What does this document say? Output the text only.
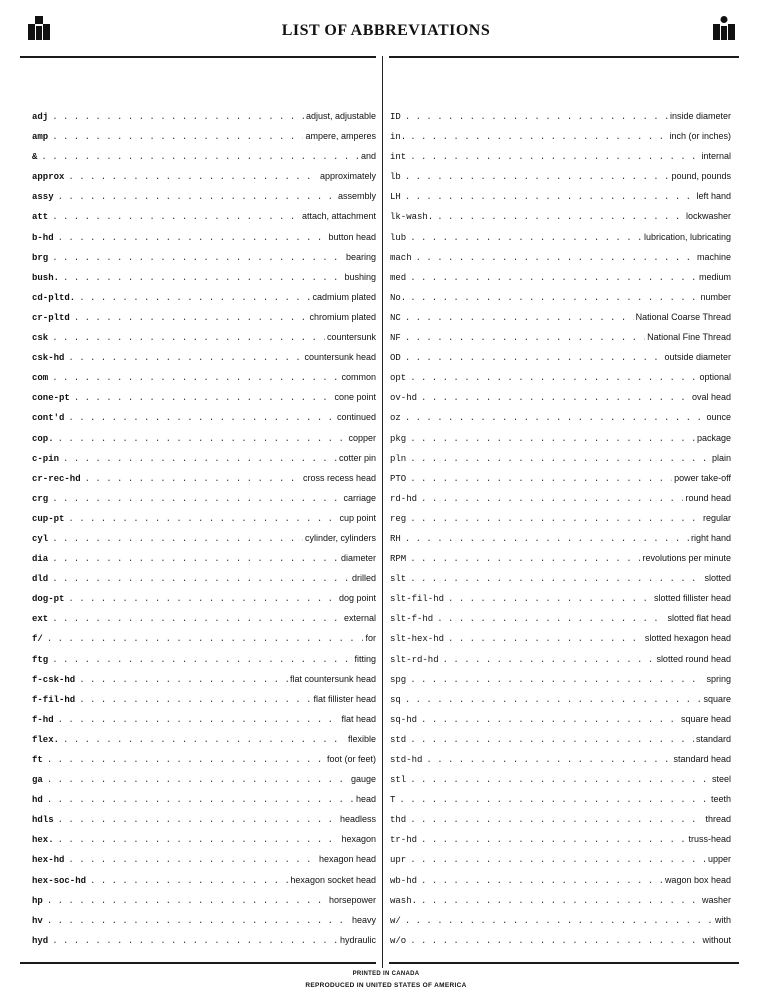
LIST OF ABBREVIATIONS
adj . . .	adjust, adjustable
amp . . .	ampere, amperes
& . . .	and
approx . . .	approximately
assy . . .	assembly
att . . .	attach, attachment
b-hd . . .	button head
brg . . .	bearing
bush. . . .	bushing
cd-pltd. . . .	cadmium plated
cr-pltd . . .	chromium plated
csk . . .	countersunk
csk-hd . . .	countersunk head
com . . .	common
cone-pt . . .	cone point
cont'd . . .	continued
cop. . . .	copper
c-pin . . .	cotter pin
cr-rec-hd . . .	cross recess head
crg . . .	carriage
cup-pt . . .	cup point
cyl . . .	cylinder, cylinders
dia . . .	diameter
dld . . .	drilled
dog-pt . . .	dog point
ext . . .	external
f/ . . .	for
ftg . . .	fitting
f-csk-hd . . .	flat countersunk head
f-fil-hd . . .	flat fillister head
f-hd . . .	flat head
flex. . . .	flexible
ft . . .	foot (or feet)
ga . . .	gauge
hd . . .	head
hdls . . .	headless
hex. . . .	hexagon
hex-hd . . .	hexagon head
hex-soc-hd . . .	hexagon socket head
hp . . .	horsepower
hv . . .	heavy
hyd . . .	hydraulic
ID . . .	inside diameter
in. . . .	inch (or inches)
int . . .	internal
lb . . .	pound, pounds
LH . . .	left hand
lk-wash. . . .	lockwasher
lub . . .	lubrication, lubricating
mach . . .	machine
med . . .	medium
No. . . .	number
NC . . .	National Coarse Thread
NF . . .	National Fine Thread
OD . . .	outside diameter
opt . . .	optional
ov-hd . . .	oval head
oz . . .	ounce
pkg . . .	package
pln . . .	plain
PTO . . .	power take-off
rd-hd . . .	round head
reg . . .	regular
RH . . .	right hand
RPM . . .	revolutions per minute
slt . . .	slotted
slt-fil-hd . . .	slotted fillister head
slt-f-hd . . .	slotted flat head
slt-hex-hd . . .	slotted hexagon head
slt-rd-hd . . .	slotted round head
spg . . .	spring
sq . . .	square
sq-hd . . .	square head
std . . .	standard
std-hd . . .	standard head
stl . . .	steel
T . . .	teeth
thd . . .	thread
tr-hd . . .	truss-head
upr . . .	upper
wb-hd . . .	wagon box head
wash. . . .	washer
w/ . . .	with
w/o . . .	without
PRINTED IN CANADA
REPRODUCED IN UNITED STATES OF AMERICA
